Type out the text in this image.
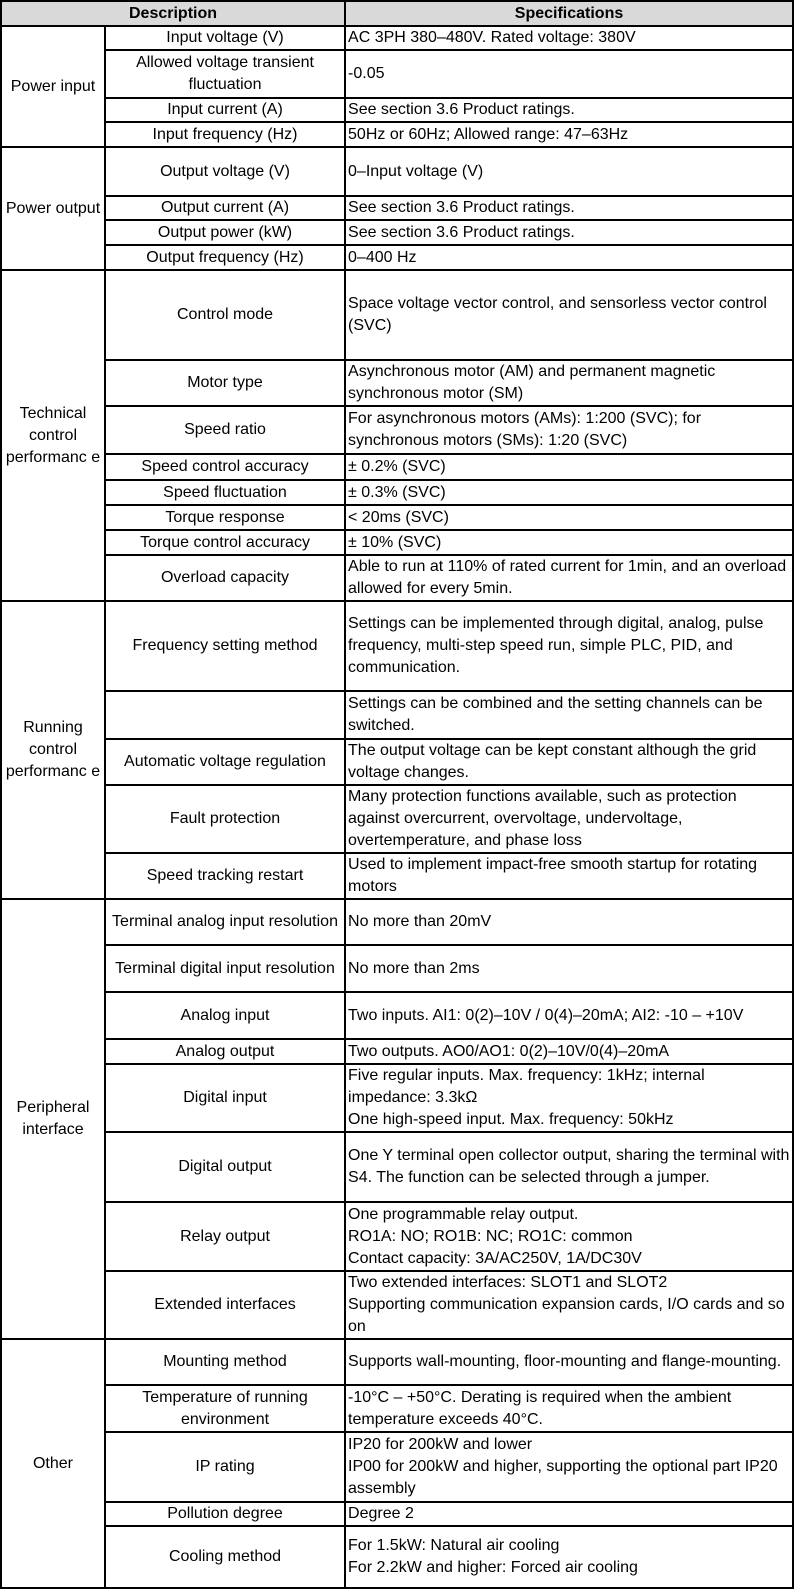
Description		Specifications
Power input	Input voltage (V)	AC 3PH 380–480V. Rated voltage: 380V
	Allowed voltage transient fluctuation	-0.05
	Input current (A)	See section 3.6 Product ratings.
	Input frequency (Hz)	50Hz or 60Hz; Allowed range: 47–63Hz
Power output	Output voltage (V)	0–Input voltage (V)
	Output current (A)	See section 3.6 Product ratings.
	Output power (kW)	See section 3.6 Product ratings.
	Output frequency (Hz)	0–400 Hz
Technical control performanc e	Control mode	Space voltage vector control, and sensorless vector control (SVC)
	Motor type	Asynchronous motor (AM) and permanent magnetic synchronous motor (SM)
	Speed ratio	For asynchronous motors (AMs): 1:200 (SVC); for synchronous motors (SMs): 1:20 (SVC)
	Speed control accuracy	± 0.2% (SVC)
	Speed fluctuation	± 0.3% (SVC)
	Torque response	< 20ms (SVC)
	Torque control accuracy	± 10% (SVC)
	Overload capacity	Able to run at 110% of rated current for 1min, and an overload allowed for every 5min.
Running control performanc e	Frequency setting method	Settings can be implemented through digital, analog, pulse frequency, multi-step speed run, simple PLC, PID, and communication.
		Settings can be combined and the setting channels can be switched.
	Automatic voltage regulation	The output voltage can be kept constant although the grid voltage changes.
	Fault protection	Many protection functions available, such as protection against overcurrent, overvoltage, undervoltage, overtemperature, and phase loss
	Speed tracking restart	Used to implement impact-free smooth startup for rotating motors
Peripheral interface	Terminal analog input resolution	No more than 20mV
	Terminal digital input resolution	No more than 2ms
	Analog input	Two inputs. AI1: 0(2)–10V / 0(4)–20mA; AI2: -10 – +10V
	Analog output	Two outputs. AO0/AO1: 0(2)–10V/0(4)–20mA
	Digital input	Five regular inputs. Max. frequency: 1kHz; internal impedance: 3.3kΩ
One high-speed input. Max. frequency: 50kHz
	Digital output	One Y terminal open collector output, sharing the terminal with S4. The function can be selected through a jumper.
	Relay output	One programmable relay output.
RO1A: NO; RO1B: NC; RO1C: common
Contact capacity: 3A/AC250V, 1A/DC30V
	Extended interfaces	Two extended interfaces: SLOT1 and SLOT2
Supporting communication expansion cards, I/O cards and so on
Other	Mounting method	Supports wall-mounting, floor-mounting and flange-mounting.
	Temperature of running environment	-10°C – +50°C. Derating is required when the ambient temperature exceeds 40°C.
	IP rating	IP20 for 200kW and lower
IP00 for 200kW and higher, supporting the optional part IP20 assembly
	Pollution degree	Degree 2
	Cooling method	For 1.5kW: Natural air cooling
For 2.2kW and higher: Forced air cooling
